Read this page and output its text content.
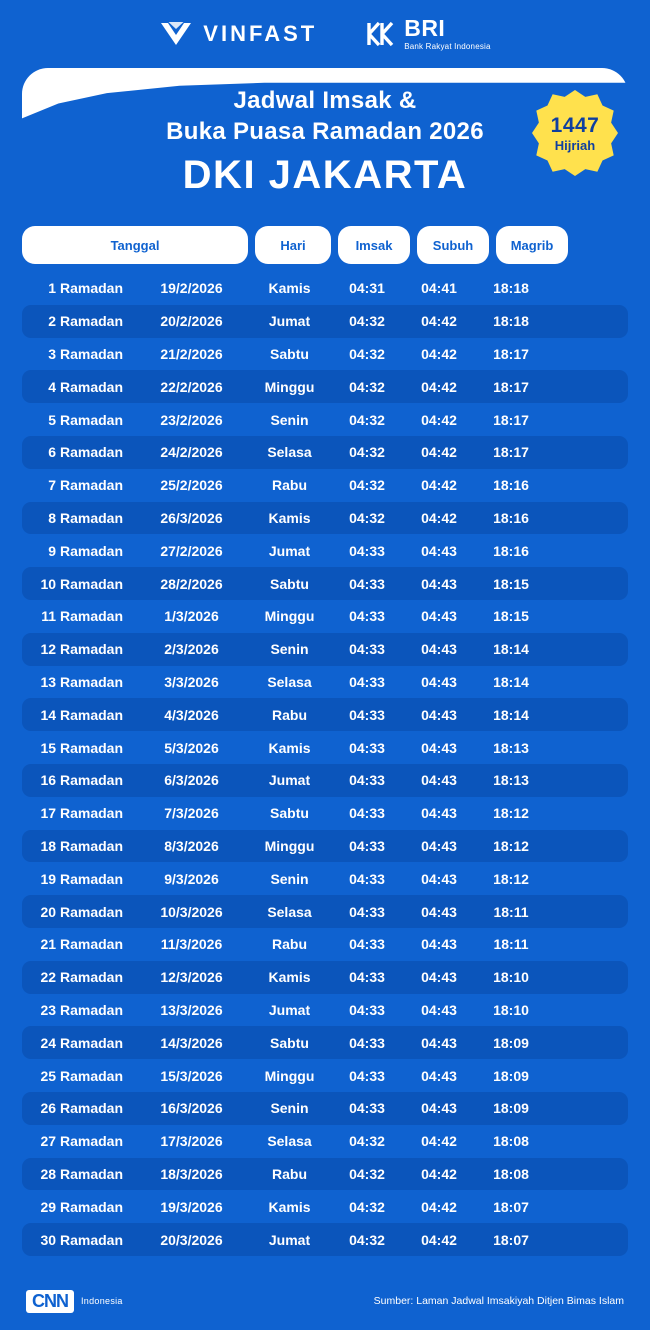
VINFAST	BRI
Bank Rakyat Indonesia
Jadwal Imsak &
Buka Puasa Ramadan 2026
DKI JAKARTA
1447
Hijriah
Tanggal	Hari	Imsak	Subuh	Magrib
1 Ramadan	19/2/2026	Kamis	04:31	04:41	18:18
2 Ramadan	20/2/2026	Jumat	04:32	04:42	18:18
3 Ramadan	21/2/2026	Sabtu	04:32	04:42	18:17
4 Ramadan	22/2/2026	Minggu	04:32	04:42	18:17
5 Ramadan	23/2/2026	Senin	04:32	04:42	18:17
6 Ramadan	24/2/2026	Selasa	04:32	04:42	18:17
7 Ramadan	25/2/2026	Rabu	04:32	04:42	18:16
8 Ramadan	26/3/2026	Kamis	04:32	04:42	18:16
9 Ramadan	27/2/2026	Jumat	04:33	04:43	18:16
10 Ramadan	28/2/2026	Sabtu	04:33	04:43	18:15
11 Ramadan	1/3/2026	Minggu	04:33	04:43	18:15
12 Ramadan	2/3/2026	Senin	04:33	04:43	18:14
13 Ramadan	3/3/2026	Selasa	04:33	04:43	18:14
14 Ramadan	4/3/2026	Rabu	04:33	04:43	18:14
15 Ramadan	5/3/2026	Kamis	04:33	04:43	18:13
16 Ramadan	6/3/2026	Jumat	04:33	04:43	18:13
17 Ramadan	7/3/2026	Sabtu	04:33	04:43	18:12
18 Ramadan	8/3/2026	Minggu	04:33	04:43	18:12
19 Ramadan	9/3/2026	Senin	04:33	04:43	18:12
20 Ramadan	10/3/2026	Selasa	04:33	04:43	18:11
21 Ramadan	11/3/2026	Rabu	04:33	04:43	18:11
22 Ramadan	12/3/2026	Kamis	04:33	04:43	18:10
23 Ramadan	13/3/2026	Jumat	04:33	04:43	18:10
24 Ramadan	14/3/2026	Sabtu	04:33	04:43	18:09
25 Ramadan	15/3/2026	Minggu	04:33	04:43	18:09
26 Ramadan	16/3/2026	Senin	04:33	04:43	18:09
27 Ramadan	17/3/2026	Selasa	04:32	04:42	18:08
28 Ramadan	18/3/2026	Rabu	04:32	04:42	18:08
29 Ramadan	19/3/2026	Kamis	04:32	04:42	18:07
30 Ramadan	20/3/2026	Jumat	04:32	04:42	18:07
CNN	Indonesia	Sumber: Laman Jadwal Imsakiyah Ditjen Bimas Islam
